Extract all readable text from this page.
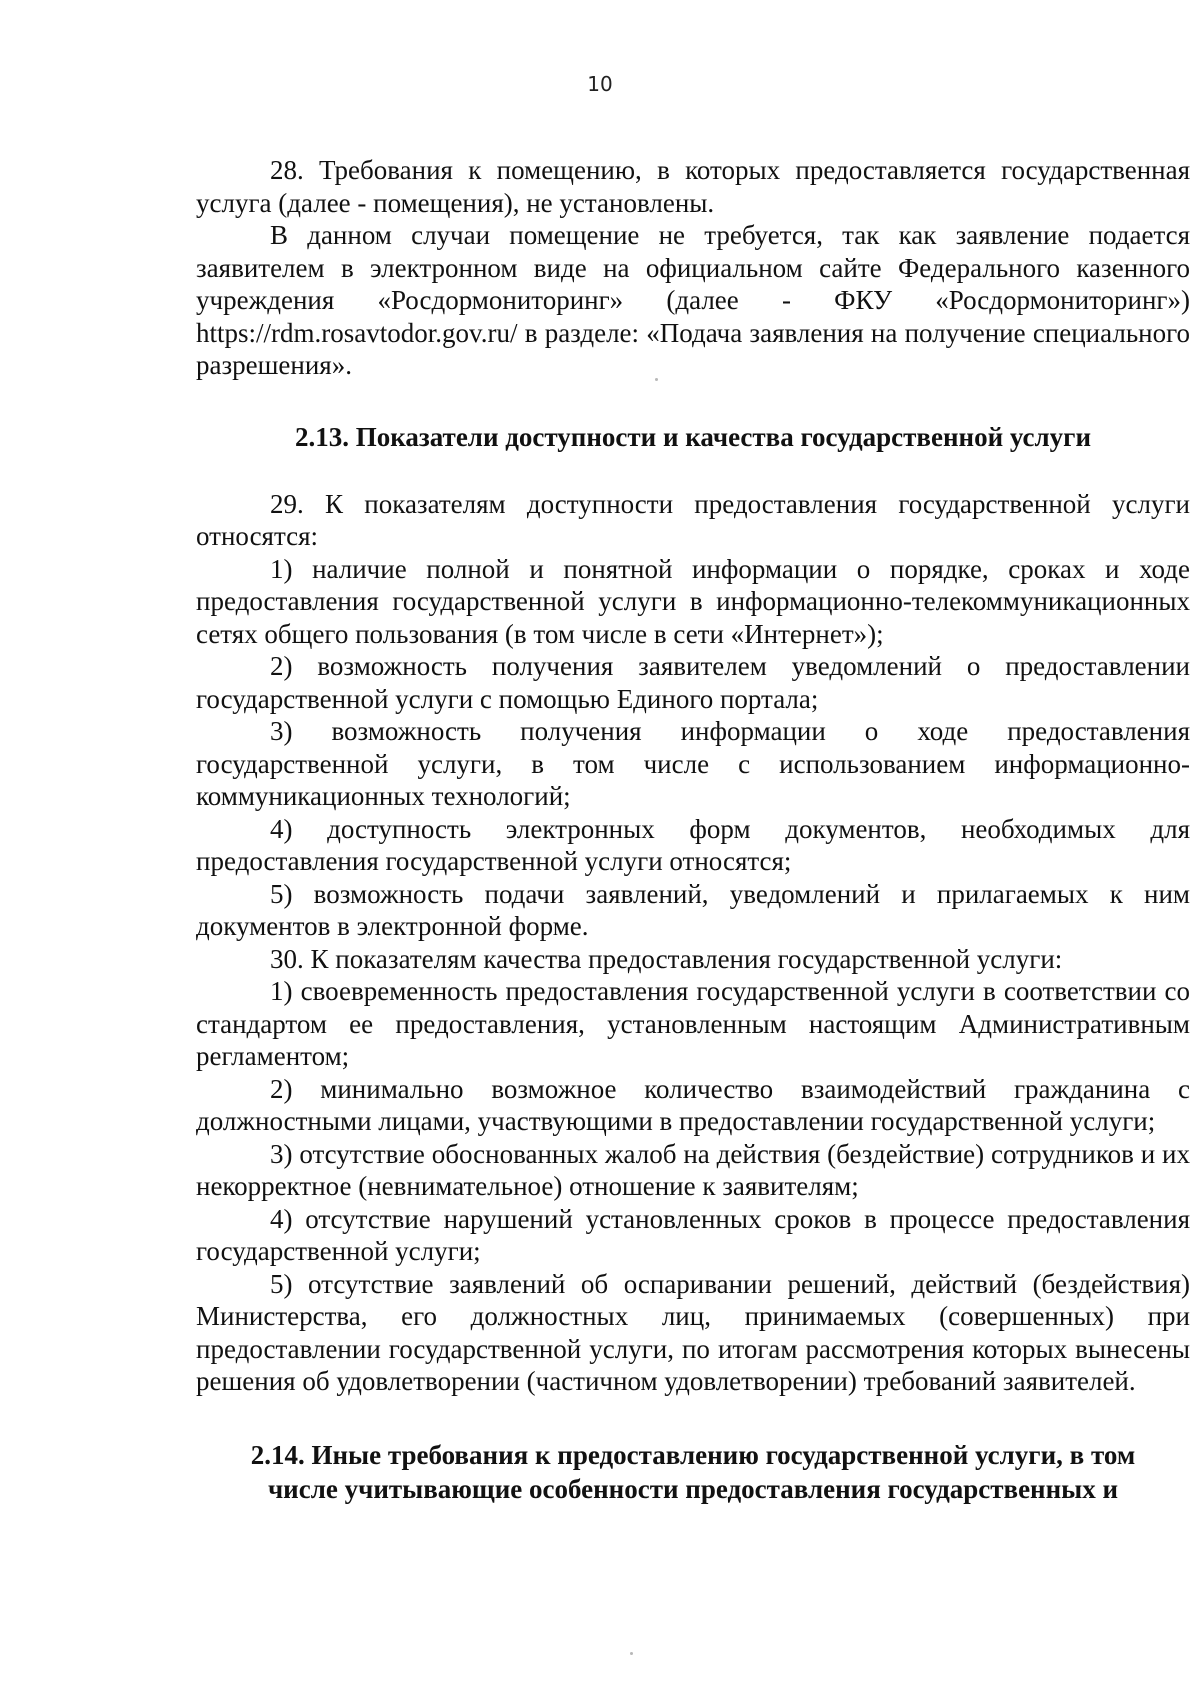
10

28. Требования к помещению, в которых предоставляется государственная услуга (далее - помещения), не установлены.

В данном случаи помещение не требуется, так как заявление подается заявителем в электронном виде на официальном сайте Федерального казенного учреждения «Росдормониторинг» (далее - ФКУ «Росдормониторинг») https://rdm.rosavtodor.gov.ru/ в разделе: «Подача заявления на получение специального разрешения».

2.13. Показатели доступности и качества государственной услуги

29. К показателям доступности предоставления государственной услуги относятся:

1) наличие полной и понятной информации о порядке, сроках и ходе предоставления государственной услуги в информационно-телекоммуникационных сетях общего пользования (в том числе в сети «Интернет»);

2) возможность получения заявителем уведомлений о предоставлении государственной услуги с помощью Единого портала;

3) возможность получения информации о ходе предоставления государственной услуги, в том числе с использованием информационно-коммуникационных технологий;

4) доступность электронных форм документов, необходимых для предоставления государственной услуги относятся;

5) возможность подачи заявлений, уведомлений и прилагаемых к ним документов в электронной форме.

30. К показателям качества предоставления государственной услуги:

1) своевременность предоставления государственной услуги в соответствии со стандартом ее предоставления, установленным настоящим Административным регламентом;

2) минимально возможное количество взаимодействий гражданина с должностными лицами, участвующими в предоставлении государственной услуги;

3) отсутствие обоснованных жалоб на действия (бездействие) сотрудников и их некорректное (невнимательное) отношение к заявителям;

4) отсутствие нарушений установленных сроков в процессе предоставления государственной услуги;

5) отсутствие заявлений об оспаривании решений, действий (бездействия) Министерства, его должностных лиц, принимаемых (совершенных) при предоставлении государственной услуги, по итогам рассмотрения которых вынесены решения об удовлетворении (частичном удовлетворении) требований заявителей.

2.14. Иные требования к предоставлению государственной услуги, в том
числе учитывающие особенности предоставления государственных и
